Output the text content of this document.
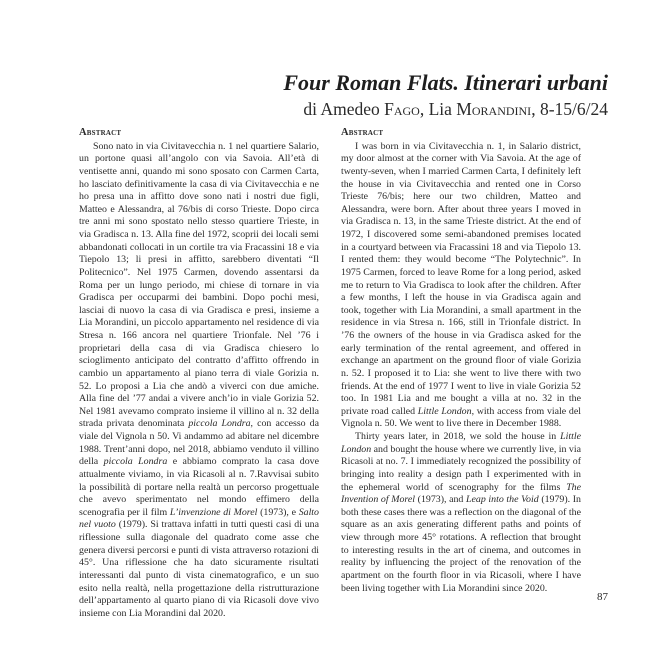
Four Roman Flats. Itinerari urbani
di Amedeo Fago, Lia Morandini, 8-15/6/24
Abstract

Sono nato in via Civitavecchia n. 1 nel quartiere Salario, un portone quasi all’angolo con via Savoia. All’età di ventisette anni, quando mi sono sposato con Carmen Carta, ho lasciato definitivamente la casa di via Civitavecchia e ne ho presa una in affitto dove sono nati i nostri due figli, Matteo e Alessandra, al 76/bis di corso Trieste. Dopo circa tre anni mi sono spostato nello stesso quartiere Trieste, in via Gradisca n. 13. Alla fine del 1972, scoprii dei locali semi abbandonati collocati in un cortile tra via Fracassini 18 e via Tiepolo 13; li presi in affitto, sarebbero diventati “Il Politecnico”. Nel 1975 Carmen, dovendo assentarsi da Roma per un lungo periodo, mi chiese di tornare in via Gradisca per occuparmi dei bambini. Dopo pochi mesi, lasciai di nuovo la casa di via Gradisca e presi, insieme a Lia Morandini, un piccolo appartamento nel residence di via Stresa n. 166 ancora nel quartiere Trionfale. Nel ’76 i proprietari della casa di via Gradisca chiesero lo scioglimento anticipato del contratto d’affitto offrendo in cambio un appartamento al piano terra di viale Gorizia n. 52. Lo proposi a Lia che andò a viverci con due amiche. Alla fine del ’77 andai a vivere anch’io in viale Gorizia 52. Nel 1981 avevamo comprato insieme il villino al n. 32 della strada privata denominata piccola Londra, con accesso da viale del Vignola n 50. Vi andammo ad abitare nel dicembre 1988. Trent’anni dopo, nel 2018, abbiamo venduto il villino della piccola Londra e abbiamo comprato la casa dove attualmente viviamo, in via Ricasoli al n. 7.Ravvisai subito la possibilità di portare nella realtà un percorso progettuale che avevo sperimentato nel mondo effimero della scenografia per il film L’invenzione di Morel (1973), e Salto nel vuoto (1979). Si trattava infatti in tutti questi casi di una riflessione sulla diagonale del quadrato come asse che genera diversi percorsi e punti di vista attraverso rotazioni di 45°. Una riflessione che ha dato sicuramente risultati interessanti dal punto di vista cinematografico, e un suo esito nella realtà, nella progettazione della ristrutturazione dell’appartamento al quarto piano di via Ricasoli dove vivo insieme con Lia Morandini dal 2020.

Abstract

I was born in via Civitavecchia n. 1, in Salario district, my door almost at the corner with Via Savoia. At the age of twenty-seven, when I married Carmen Carta, I definitely left the house in via Civitavecchia and rented one in Corso Trieste 76/bis; here our two children, Matteo and Alessandra, were born. After about three years I moved in via Gradisca n. 13, in the same Trieste district. At the end of 1972, I discovered some semi-abandoned premises located in a courtyard between via Fracassini 18 and via Tiepolo 13. I rented them: they would become “The Polytechnic”. In 1975 Carmen, forced to leave Rome for a long period, asked me to return to Via Gradisca to look after the children. After a few months, I left the house in via Gradisca again and took, together with Lia Morandini, a small apartment in the residence in via Stresa n. 166, still in Trionfale district. In ’76 the owners of the house in via Gradisca asked for the early termination of the rental agreement, and offered in exchange an apartment on the ground floor of viale Gorizia n. 52. I proposed it to Lia: she went to live there with two friends. At the end of 1977 I went to live in viale Gorizia 52 too. In 1981 Lia and me bought a villa at no. 32 in the private road called Little London, with access from viale del Vignola n. 50. We went to live there in December 1988.

Thirty years later, in 2018, we sold the house in Little London and bought the house where we currently live, in via Ricasoli at no. 7. I immediately recognized the possibility of bringing into reality a design path I experimented with in the ephemeral world of scenography for the films The Invention of Morel (1973), and Leap into the Void (1979). In both these cases there was a reflection on the diagonal of the square as an axis generating different paths and points of view through more 45° rotations. A reflection that brought to interesting results in the art of cinema, and outcomes in reality by influencing the project of the renovation of the apartment on the fourth floor in via Ricasoli, where I have been living together with Lia Morandini since 2020.

87
